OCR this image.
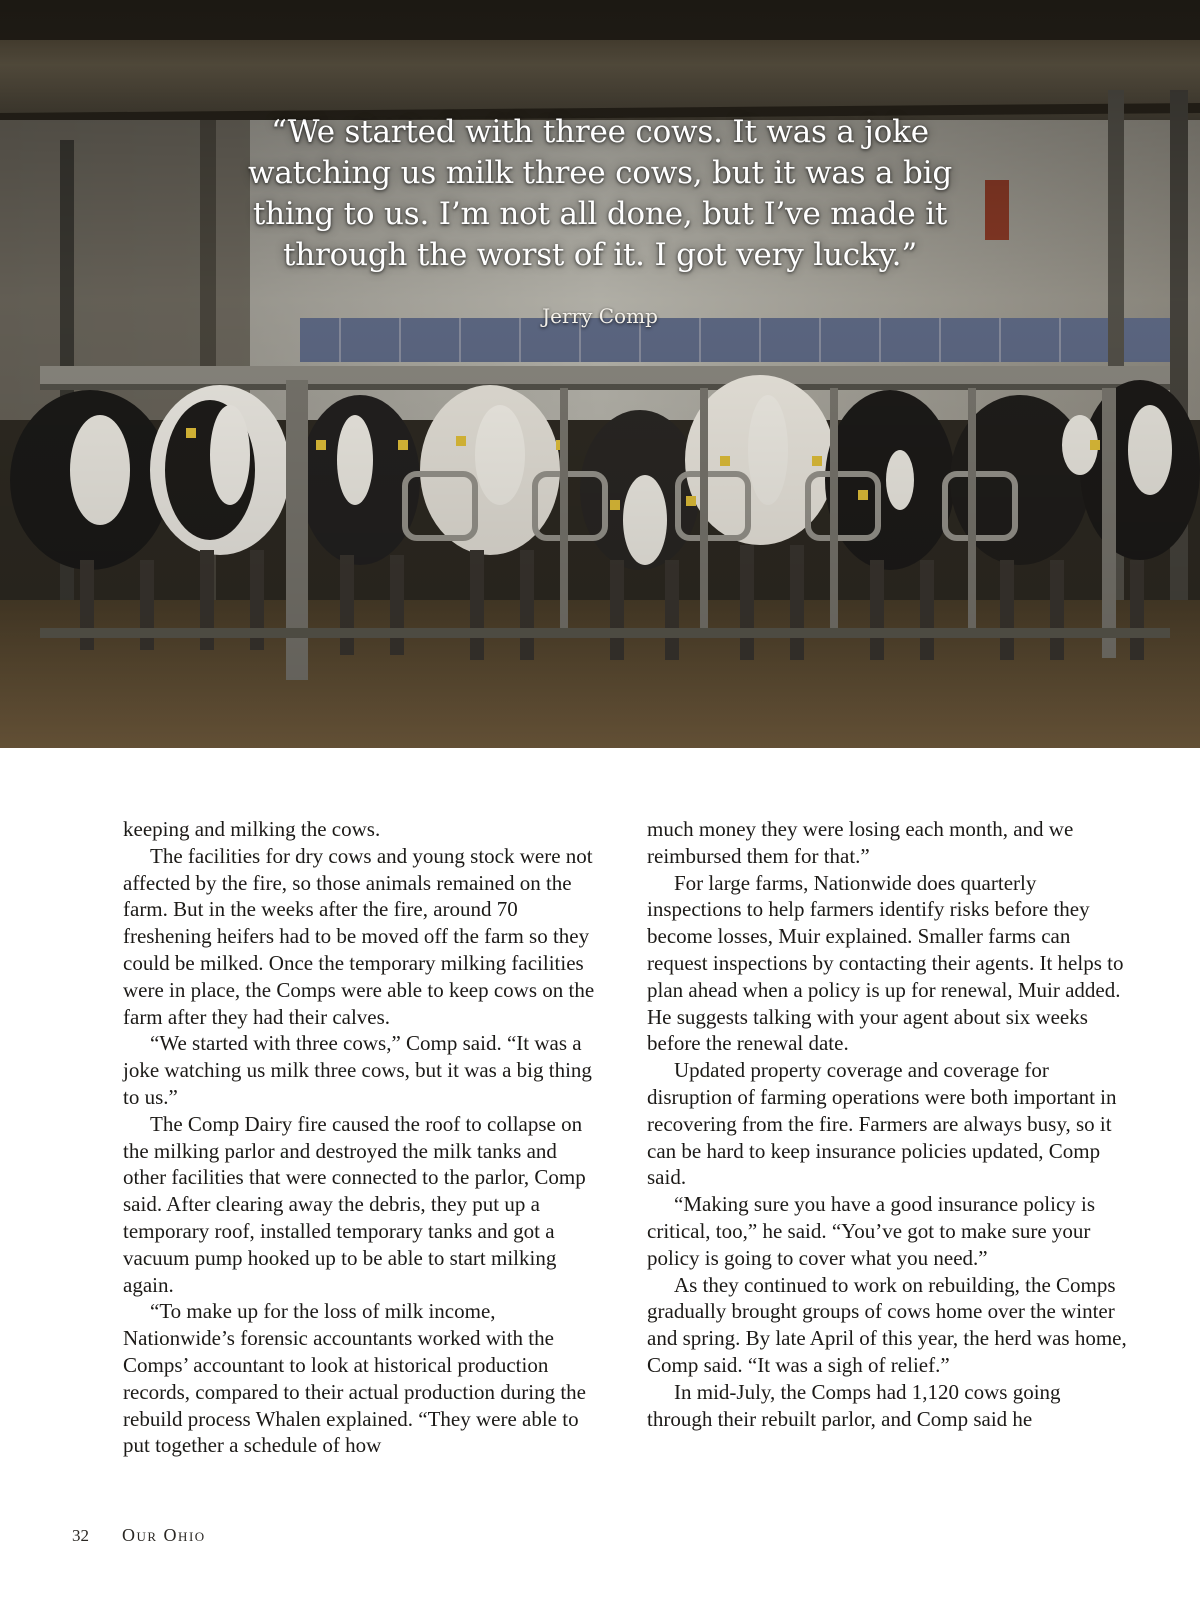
“We started with three cows. It was a joke watching us milk three cows, but it was a big thing to us. I’m not all done, but I’ve made it through the worst of it. I got very lucky.”

Jerry Comp

keeping and milking the cows.

The facilities for dry cows and young stock were not affected by the fire, so those animals remained on the farm. But in the weeks after the fire, around 70 freshening heifers had to be moved off the farm so they could be milked. Once the temporary milking facilities were in place, the Comps were able to keep cows on the farm after they had their calves.

“We started with three cows,” Comp said. “It was a joke watching us milk three cows, but it was a big thing to us.”

The Comp Dairy fire caused the roof to collapse on the milking parlor and destroyed the milk tanks and other facilities that were connected to the parlor, Comp said. After clearing away the debris, they put up a temporary roof, installed temporary tanks and got a vacuum pump hooked up to be able to start milking again.

“To make up for the loss of milk income, Nationwide’s forensic accountants worked with the Comps’ accountant to look at historical production records, compared to their actual production during the rebuild process Whalen explained. “They were able to put together a schedule of how

much money they were losing each month, and we reimbursed them for that.”

For large farms, Nationwide does quarterly inspections to help farmers identify risks before they become losses, Muir explained. Smaller farms can request inspections by contacting their agents. It helps to plan ahead when a policy is up for renewal, Muir added. He suggests talking with your agent about six weeks before the renewal date.

Updated property coverage and coverage for disruption of farming operations were both important in recovering from the fire. Farmers are always busy, so it can be hard to keep insurance policies updated, Comp said.

“Making sure you have a good insurance policy is critical, too,” he said. “You’ve got to make sure your policy is going to cover what you need.”

As they continued to work on rebuilding, the Comps gradually brought groups of cows home over the winter and spring. By late April of this year, the herd was home, Comp said. “It was a sigh of relief.”

In mid-July, the Comps had 1,120 cows going through their rebuilt parlor, and Comp said he

32 Our Ohio
